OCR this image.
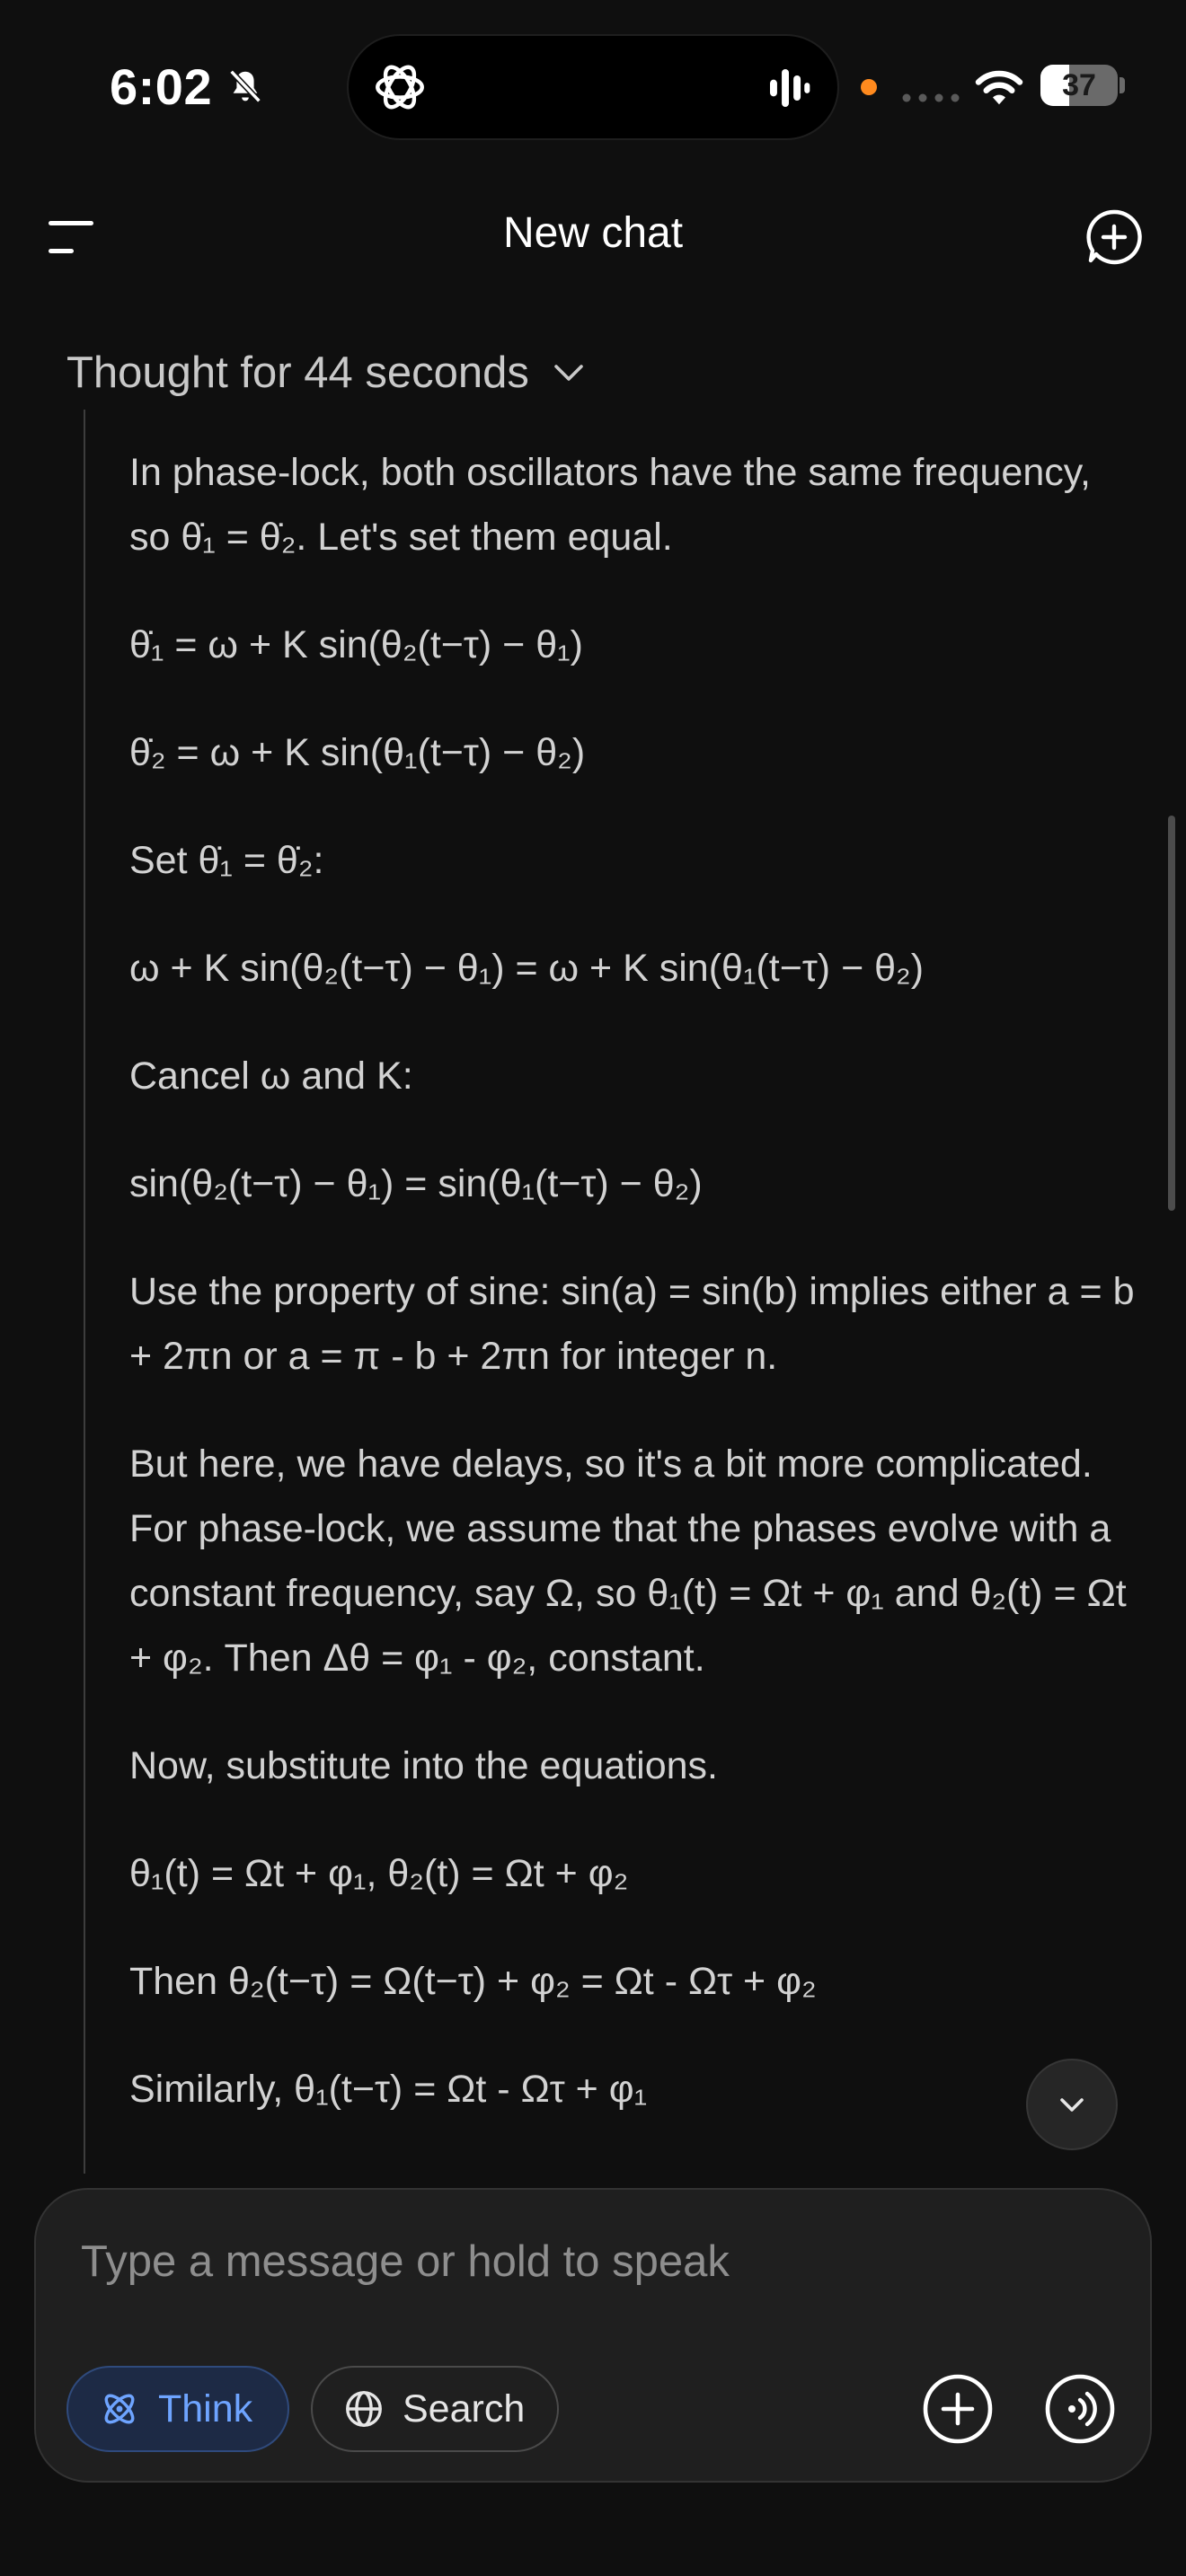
6:02	37
New chat
Thought for 44 seconds

In phase-lock, both oscillators have the same frequency, so θ̇₁ = θ̇₂. Let's set them equal.

θ̇₁ = ω + K sin(θ₂(t−τ) − θ₁)

θ̇₂ = ω + K sin(θ₁(t−τ) − θ₂)

Set θ̇₁ = θ̇₂:

ω + K sin(θ₂(t−τ) − θ₁) = ω + K sin(θ₁(t−τ) − θ₂)

Cancel ω and K:

sin(θ₂(t−τ) − θ₁) = sin(θ₁(t−τ) − θ₂)

Use the property of sine: sin(a) = sin(b) implies either a = b + 2πn or a = π - b + 2πn for integer n.

But here, we have delays, so it's a bit more complicated. For phase-lock, we assume that the phases evolve with a constant frequency, say Ω, so θ₁(t) = Ωt + φ₁ and θ₂(t) = Ωt + φ₂. Then Δθ = φ₁ - φ₂, constant.

Now, substitute into the equations.

θ₁(t) = Ωt + φ₁, θ₂(t) = Ωt + φ₂

Then θ₂(t−τ) = Ω(t−τ) + φ₂ = Ωt - Ωτ + φ₂

Similarly, θ₁(t−τ) = Ωt - Ωτ + φ₁

Type a message or hold to speak
Think	Search
